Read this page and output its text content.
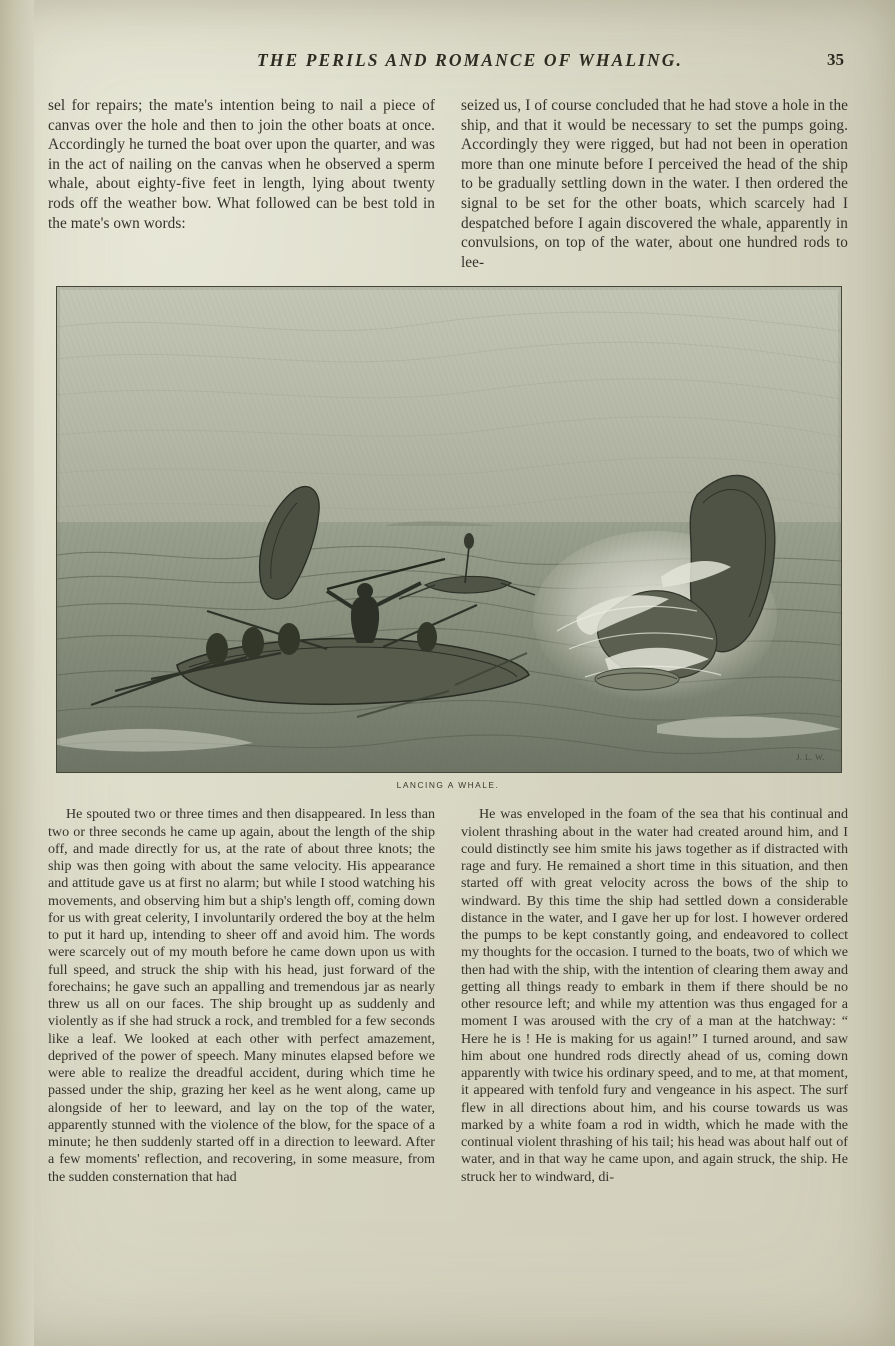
THE PERILS AND ROMANCE OF WHALING.	35

sel for repairs; the mate's intention being to nail a piece of canvas over the hole and then to join the other boats at once. Accordingly he turned the boat over upon the quarter, and was in the act of nailing on the canvas when he observed a sperm whale, about eighty-five feet in length, lying about twenty rods off the weather bow. What followed can be best told in the mate's own words:

seized us, I of course concluded that he had stove a hole in the ship, and that it would be necessary to set the pumps going. Accordingly they were rigged, but had not been in operation more than one minute before I perceived the head of the ship to be gradually settling down in the water. I then ordered the signal to be set for the other boats, which scarcely had I despatched before I again discovered the whale, apparently in convulsions, on top of the water, about one hundred rods to lee-

J. L. W.
LANCING A WHALE.

He spouted two or three times and then disappeared. In less than two or three seconds he came up again, about the length of the ship off, and made directly for us, at the rate of about three knots; the ship was then going with about the same velocity. His appearance and attitude gave us at first no alarm; but while I stood watching his movements, and observing him but a ship's length off, coming down for us with great celerity, I involuntarily ordered the boy at the helm to put it hard up, intending to sheer off and avoid him. The words were scarcely out of my mouth before he came down upon us with full speed, and struck the ship with his head, just forward of the forechains; he gave such an appalling and tremendous jar as nearly threw us all on our faces. The ship brought up as suddenly and violently as if she had struck a rock, and trembled for a few seconds like a leaf. We looked at each other with perfect amazement, deprived of the power of speech. Many minutes elapsed before we were able to realize the dreadful accident, during which time he passed under the ship, grazing her keel as he went along, came up alongside of her to leeward, and lay on the top of the water, apparently stunned with the violence of the blow, for the space of a minute; he then suddenly started off in a direction to leeward. After a few moments' reflection, and recovering, in some measure, from the sudden consternation that had

He was enveloped in the foam of the sea that his continual and violent thrashing about in the water had created around him, and I could distinctly see him smite his jaws together as if distracted with rage and fury. He remained a short time in this situation, and then started off with great velocity across the bows of the ship to windward. By this time the ship had settled down a considerable distance in the water, and I gave her up for lost. I however ordered the pumps to be kept constantly going, and endeavored to collect my thoughts for the occasion. I turned to the boats, two of which we then had with the ship, with the intention of clearing them away and getting all things ready to embark in them if there should be no other resource left; and while my attention was thus engaged for a moment I was aroused with the cry of a man at the hatchway: “ Here he is ! He is making for us again!” I turned around, and saw him about one hundred rods directly ahead of us, coming down apparently with twice his ordinary speed, and to me, at that moment, it appeared with tenfold fury and vengeance in his aspect. The surf flew in all directions about him, and his course towards us was marked by a white foam a rod in width, which he made with the continual violent thrashing of his tail; his head was about half out of water, and in that way he came upon, and again struck, the ship. He struck her to windward, di-
